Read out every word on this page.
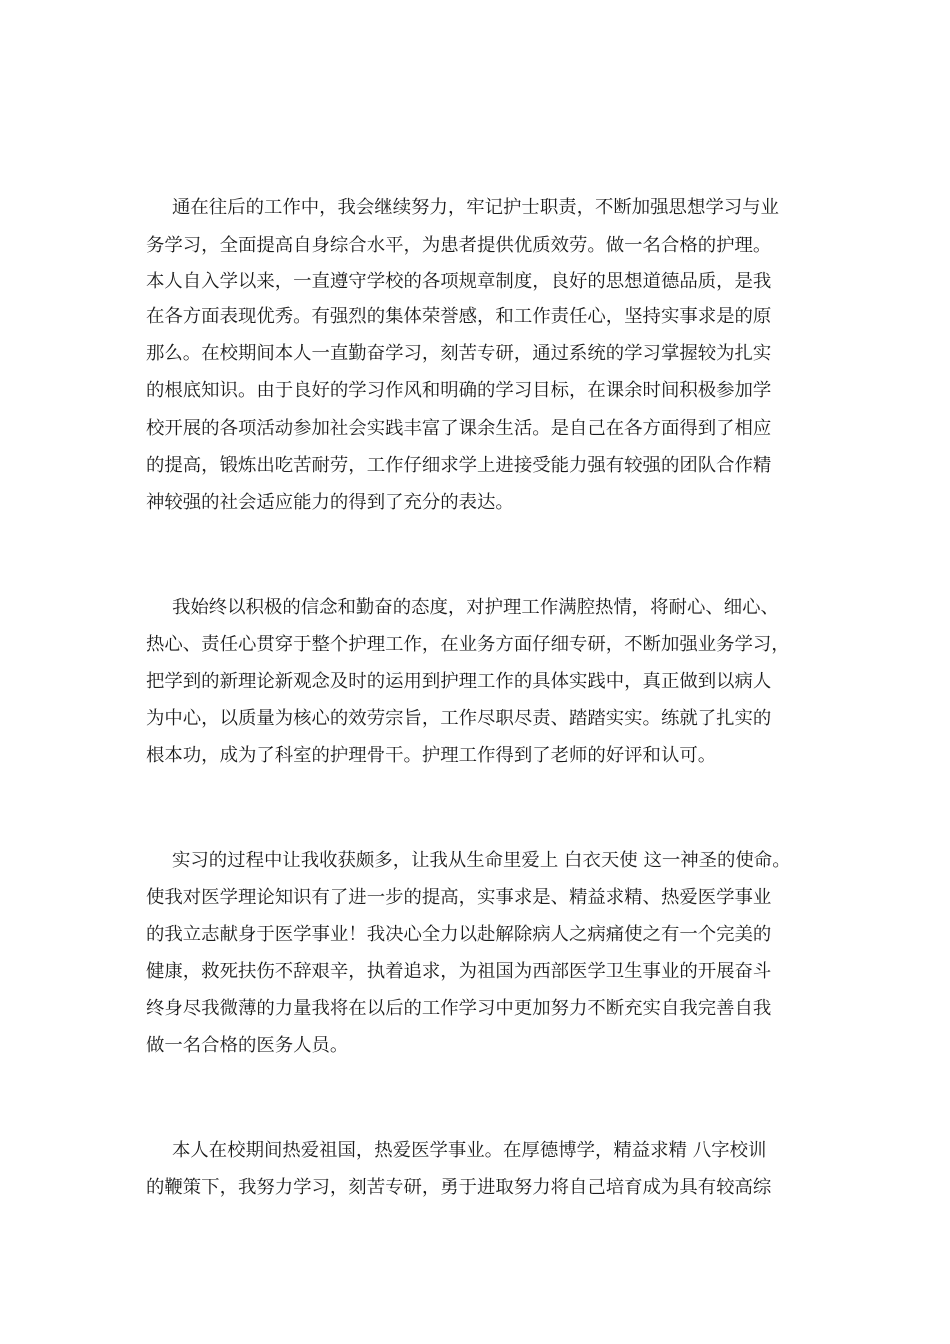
通在往后的工作中，我会继续努力，牢记护士职责，不断加强思想学习与业
务学习，全面提高自身综合水平，为患者提供优质效劳。做一名合格的护理。
本人自入学以来，一直遵守学校的各项规章制度，良好的思想道德品质，是我
在各方面表现优秀。有强烈的集体荣誉感，和工作责任心，坚持实事求是的原
那么。在校期间本人一直勤奋学习，刻苦专研，通过系统的学习掌握较为扎实
的根底知识。由于良好的学习作风和明确的学习目标，在课余时间积极参加学
校开展的各项活动参加社会实践丰富了课余生活。是自己在各方面得到了相应
的提高，锻炼出吃苦耐劳，工作仔细求学上进接受能力强有较强的团队合作精
神较强的社会适应能力的得到了充分的表达。
我始终以积极的信念和勤奋的态度，对护理工作满腔热情，将耐心、细心、
热心、责任心贯穿于整个护理工作，在业务方面仔细专研，不断加强业务学习，
把学到的新理论新观念及时的运用到护理工作的具体实践中，真正做到以病人
为中心，以质量为核心的效劳宗旨，工作尽职尽责、踏踏实实。练就了扎实的
根本功，成为了科室的护理骨干。护理工作得到了老师的好评和认可。
实习的过程中让我收获颇多，让我从生命里爱上 白衣天使 这一神圣的使命。
使我对医学理论知识有了进一步的提高，实事求是、精益求精、热爱医学事业
的我立志献身于医学事业！我决心全力以赴解除病人之病痛使之有一个完美的
健康，救死扶伤不辞艰辛，执着追求，为祖国为西部医学卫生事业的开展奋斗
终身尽我微薄的力量我将在以后的工作学习中更加努力不断充实自我完善自我
做一名合格的医务人员。
本人在校期间热爱祖国，热爱医学事业。在厚德博学，精益求精 八字校训
的鞭策下，我努力学习，刻苦专研，勇于进取努力将自己培育成为具有较高综
